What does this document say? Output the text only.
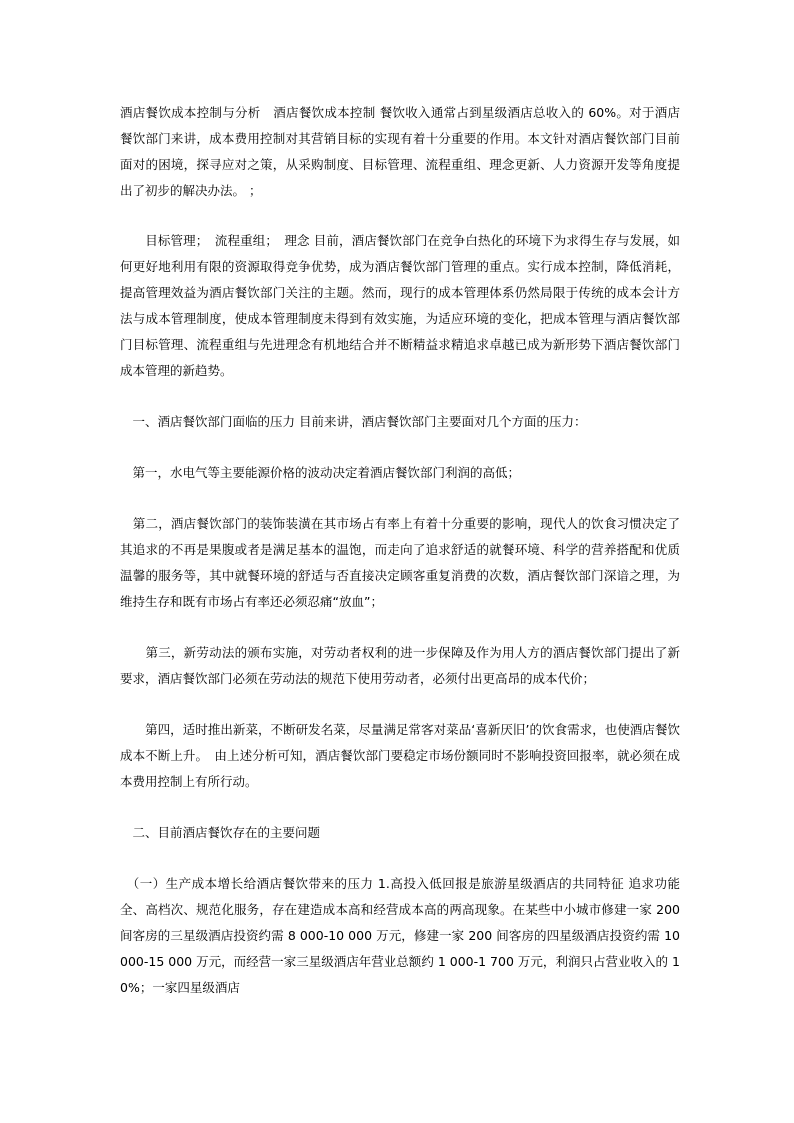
酒店餐饮成本控制与分析　酒店餐饮成本控制 餐饮收入通常占到星级酒店总收入的 60%。对于酒店餐饮部门来讲，成本费用控制对其营销目标的实现有着十分重要的作用。本文针对酒店餐饮部门目前面对的困境，探寻应对之策，从采购制度、目标管理、流程重组、理念更新、人力资源开发等角度提出了初步的解决办法。 ；

　　目标管理；　流程重组；　理念 目前，酒店餐饮部门在竞争白热化的环境下为求得生存与发展，如何更好地利用有限的资源取得竞争优势，成为酒店餐饮部门管理的重点。实行成本控制，降低消耗，提高管理效益为酒店餐饮部门关注的主题。然而，现行的成本管理体系仍然局限于传统的成本会计方法与成本管理制度，使成本管理制度未得到有效实施，为适应环境的变化，把成本管理与酒店餐饮部门目标管理、流程重组与先进理念有机地结合并不断精益求精追求卓越已成为新形势下酒店餐饮部门成本管理的新趋势。

　一、酒店餐饮部门面临的压力 目前来讲，酒店餐饮部门主要面对几个方面的压力：

　第一，水电气等主要能源价格的波动决定着酒店餐饮部门利润的高低；

　第二，酒店餐饮部门的装饰装潢在其市场占有率上有着十分重要的影响，现代人的饮食习惯决定了其追求的不再是果腹或者是满足基本的温饱，而走向了追求舒适的就餐环境、科学的营养搭配和优质温馨的服务等，其中就餐环境的舒适与否直接决定顾客重复消费的次数，酒店餐饮部门深谙之理，为维持生存和既有市场占有率还必须忍痛“放血”；

　　第三，新劳动法的颁布实施，对劳动者权利的进一步保障及作为用人方的酒店餐饮部门提出了新要求，酒店餐饮部门必须在劳动法的规范下使用劳动者，必须付出更高昂的成本代价；

　　第四，适时推出新菜，不断研发名菜，尽量满足常客对菜品‘喜新厌旧’的饮食需求，也使酒店餐饮成本不断上升。　由上述分析可知，酒店餐饮部门要稳定市场份额同时不影响投资回报率，就必须在成本费用控制上有所行动。

　二、目前酒店餐饮存在的主要问题

　（一）生产成本增长给酒店餐饮带来的压力 1.高投入低回报是旅游星级酒店的共同特征 追求功能全、高档次、规范化服务，存在建造成本高和经营成本高的两高现象。在某些中小城市修建一家 200 间客房的三星级酒店投资约需 8 000-10 000 万元，修建一家 200 间客房的四星级酒店投资约需 10 000-15 000 万元，而经营一家三星级酒店年营业总额约 1 000-1 700 万元，利润只占营业收入的 10%；一家四星级酒店
